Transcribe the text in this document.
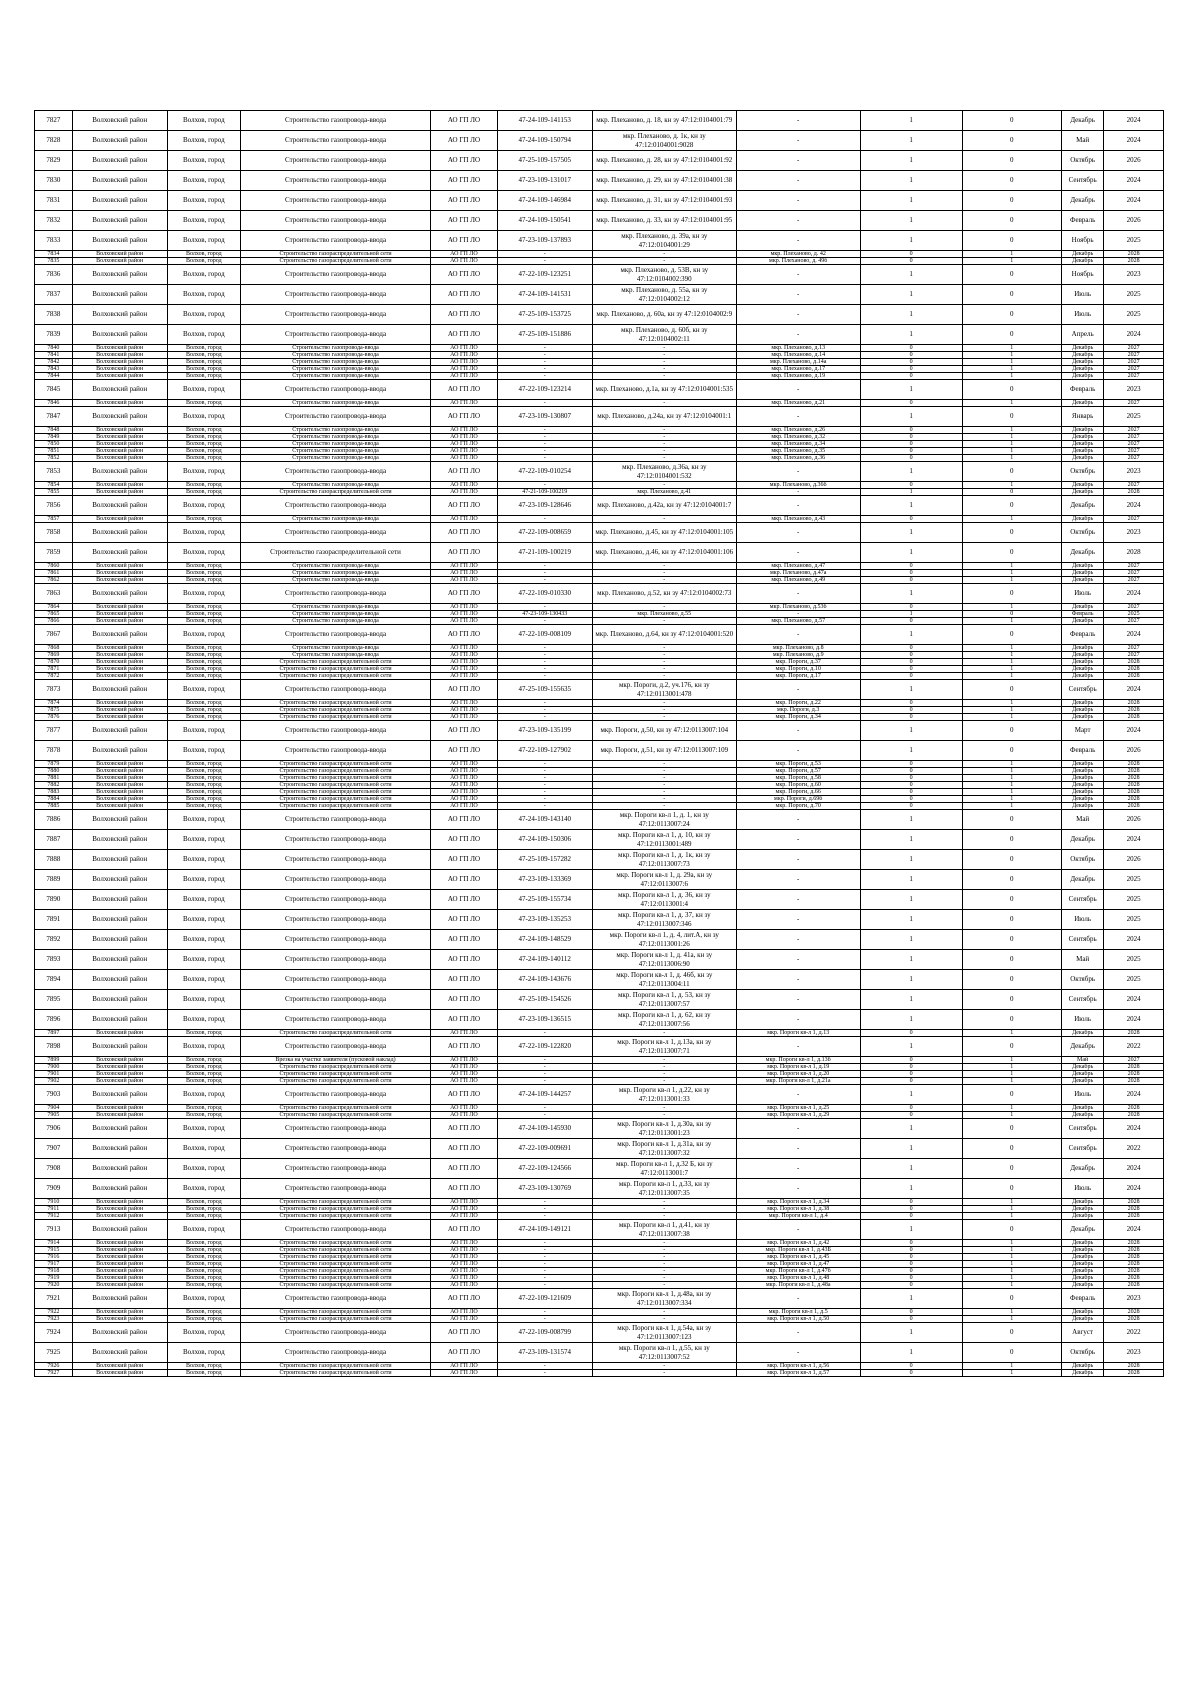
7827	Волховский район	Волхов, город	Строительство газопровода-ввода	АО ГП ЛО	47-24-109-141153	мкр. Плеханово, д. 18, кн зу 47:12:0104001:79	-	1	0	Декабрь	2024
7828	Волховский район	Волхов, город	Строительство газопровода-ввода	АО ГП ЛО	47-24-109-150794	мкр. Плеханово, д. 1к, кн зу 47:12:0104001:9028	-	1	0	Май	2024
7829	Волховский район	Волхов, город	Строительство газопровода-ввода	АО ГП ЛО	47-25-109-157505	мкр. Плеханово, д. 28, кн зу 47:12:0104001:92	-	1	0	Октябрь	2026
7830	Волховский район	Волхов, город	Строительство газопровода-ввода	АО ГП ЛО	47-23-109-131017	мкр. Плеханово, д. 29, кн зу 47:12:0104001:38	-	1	0	Сентябрь	2024
7831	Волховский район	Волхов, город	Строительство газопровода-ввода	АО ГП ЛО	47-24-109-146984	мкр. Плеханово, д. 31, кн зу 47:12:0104001:93	-	1	0	Декабрь	2024
7832	Волховский район	Волхов, город	Строительство газопровода-ввода	АО ГП ЛО	47-24-109-150541	мкр. Плеханово, д. 33, кн зу 47:12:0104001:95	-	1	0	Февраль	2026
7833	Волховский район	Волхов, город	Строительство газопровода-ввода	АО ГП ЛО	47-23-109-137893	мкр. Плеханово, д. 39а, кн зу 47:12:0104001:29	-	1	0	Ноябрь	2025
7834	Волховский район	Волхов, город	Строительство газораспределительной сети	АО ГП ЛО	-	-	мкр. Плеханово, д. 42	0	1	Декабрь	2028
7835	Волховский район	Волхов, город	Строительство газораспределительной сети	АО ГП ЛО	-	-	мкр. Плеханово, д. 49б	0	1	Декабрь	2028
7836	Волховский район	Волхов, город	Строительство газопровода-ввода	АО ГП ЛО	47-22-109-123251	мкр. Плеханово, д. 53В, кн зу 47:12:0104002:390	-	1	0	Ноябрь	2023
7837	Волховский район	Волхов, город	Строительство газопровода-ввода	АО ГП ЛО	47-24-109-141531	мкр. Плеханово, д. 55а, кн зу 47:12:0104002:12	-	1	0	Июль	2025
7838	Волховский район	Волхов, город	Строительство газопровода-ввода	АО ГП ЛО	47-25-109-153725	мкр. Плеханово, д. 60а, кн зу 47:12:0104002:9	-	1	0	Июль	2025
7839	Волховский район	Волхов, город	Строительство газопровода-ввода	АО ГП ЛО	47-25-109-151886	мкр. Плеханово, д. 60б, кн зу 47:12:0104002:11	-	1	0	Апрель	2024
7840	Волховский район	Волхов, город	Строительство газопровода-ввода	АО ГП ЛО	-	-	мкр. Плеханово, д.13	0	1	Декабрь	2027
7841	Волховский район	Волхов, город	Строительство газопровода-ввода	АО ГП ЛО	-	-	мкр. Плеханово, д.14	0	1	Декабрь	2027
7842	Волховский район	Волхов, город	Строительство газопровода-ввода	АО ГП ЛО	-	-	мкр. Плеханово, д.14а	0	1	Декабрь	2027
7843	Волховский район	Волхов, город	Строительство газопровода-ввода	АО ГП ЛО	-	-	мкр. Плеханово, д.17	0	1	Декабрь	2027
7844	Волховский район	Волхов, город	Строительство газопровода-ввода	АО ГП ЛО	-	-	мкр. Плеханово, д.19	0	1	Декабрь	2027
7845	Волховский район	Волхов, город	Строительство газопровода-ввода	АО ГП ЛО	47-22-109-123214	мкр. Плеханово, д.1а, кн зу 47:12:0104001:535	-	1	0	Февраль	2023
7846	Волховский район	Волхов, город	Строительство газопровода-ввода	АО ГП ЛО	-	-	мкр. Плеханово, д.21	0	1	Декабрь	2027
7847	Волховский район	Волхов, город	Строительство газопровода-ввода	АО ГП ЛО	47-23-109-130807	мкр. Плеханово, д.24а, кн зу 47:12:0104001:1	-	1	0	Январь	2025
7848	Волховский район	Волхов, город	Строительство газопровода-ввода	АО ГП ЛО	-	-	мкр. Плеханово, д.26	0	1	Декабрь	2027
7849	Волховский район	Волхов, город	Строительство газопровода-ввода	АО ГП ЛО	-	-	мкр. Плеханово, д.32	0	1	Декабрь	2027
7850	Волховский район	Волхов, город	Строительство газопровода-ввода	АО ГП ЛО	-	-	мкр. Плеханово, д.34	0	1	Декабрь	2027
7851	Волховский район	Волхов, город	Строительство газопровода-ввода	АО ГП ЛО	-	-	мкр. Плеханово, д.35	0	1	Декабрь	2027
7852	Волховский район	Волхов, город	Строительство газопровода-ввода	АО ГП ЛО	-	-	мкр. Плеханово, д.36	0	1	Декабрь	2027
7853	Волховский район	Волхов, город	Строительство газопровода-ввода	АО ГП ЛО	47-22-109-010254	мкр. Плеханово, д.36а, кн зу 47:12:0104001:532	-	1	0	Октябрь	2023
7854	Волховский район	Волхов, город	Строительство газопровода-ввода	АО ГП ЛО	-	-	мкр. Плеханово, д.36б	0	1	Декабрь	2027
7855	Волховский район	Волхов, город	Строительство газораспределительной сети	АО ГП ЛО	47-21-109-100219	мкр. Плеханово, д.41	-	1	0	Декабрь	2028
7856	Волховский район	Волхов, город	Строительство газопровода-ввода	АО ГП ЛО	47-23-109-128646	мкр. Плеханово, д.42а, кн зу 47:12:0104001:7	-	1	0	Декабрь	2024
7857	Волховский район	Волхов, город	Строительство газопровода-ввода	АО ГП ЛО	-	-	мкр. Плеханово, д.43	0	1	Декабрь	2027
7858	Волховский район	Волхов, город	Строительство газопровода-ввода	АО ГП ЛО	47-22-109-008659	мкр. Плеханово, д.45, кн зу 47:12:0104001:105	-	1	0	Октябрь	2023
7859	Волховский район	Волхов, город	Строительство газораспределительной сети	АО ГП ЛО	47-21-109-100219	мкр. Плеханово, д.46, кн зу 47:12:0104001:106	-	1	0	Декабрь	2028
7860	Волховский район	Волхов, город	Строительство газопровода-ввода	АО ГП ЛО	-	-	мкр. Плеханово, д.47	0	1	Декабрь	2027
7861	Волховский район	Волхов, город	Строительство газопровода-ввода	АО ГП ЛО	-	-	мкр. Плеханово, д.47а	0	1	Декабрь	2027
7862	Волховский район	Волхов, город	Строительство газопровода-ввода	АО ГП ЛО	-	-	мкр. Плеханово, д.49	0	1	Декабрь	2027
7863	Волховский район	Волхов, город	Строительство газопровода-ввода	АО ГП ЛО	47-22-109-010330	мкр. Плеханово, д.52, кн зу 47:12:0104002:73	-	1	0	Июль	2024
7864	Волховский район	Волхов, город	Строительство газопровода-ввода	АО ГП ЛО	-	-	мкр. Плеханово, д.53б	0	1	Декабрь	2027
7865	Волховский район	Волхов, город	Строительство газопровода-ввода	АО ГП ЛО	47-23-109-130433	мкр. Плеханово, д.55	-	1	0	Февраль	2025
7866	Волховский район	Волхов, город	Строительство газопровода-ввода	АО ГП ЛО	-	-	мкр. Плеханово, д.57	0	1	Декабрь	2027
7867	Волховский район	Волхов, город	Строительство газопровода-ввода	АО ГП ЛО	47-22-109-008109	мкр. Плеханово, д.64, кн зу 47:12:0104001:520	-	1	0	Февраль	2024
7868	Волховский район	Волхов, город	Строительство газопровода-ввода	АО ГП ЛО	-	-	мкр. Плеханово, д.8	0	1	Декабрь	2027
7869	Волховский район	Волхов, город	Строительство газопровода-ввода	АО ГП ЛО	-	-	мкр. Плеханово, д.9	0	1	Декабрь	2027
7870	Волховский район	Волхов, город	Строительство газораспределительной сети	АО ГП ЛО	-	-	мкр. Пороги, д.37	0	1	Декабрь	2028
7871	Волховский район	Волхов, город	Строительство газораспределительной сети	АО ГП ЛО	-	-	мкр. Пороги, д.10	0	1	Декабрь	2028
7872	Волховский район	Волхов, город	Строительство газораспределительной сети	АО ГП ЛО	-	-	мкр. Пороги, д.17	0	1	Декабрь	2028
7873	Волховский район	Волхов, город	Строительство газопровода-ввода	АО ГП ЛО	47-25-109-155635	мкр. Пороги, д.2, уч.176, кн зу 47:12:0113001:478	-	1	0	Сентябрь	2024
7874	Волховский район	Волхов, город	Строительство газораспределительной сети	АО ГП ЛО	-	-	мкр. Пороги, д.22	0	1	Декабрь	2028
7875	Волховский район	Волхов, город	Строительство газораспределительной сети	АО ГП ЛО	-	-	мкр. Пороги, д.3	0	1	Декабрь	2028
7876	Волховский район	Волхов, город	Строительство газораспределительной сети	АО ГП ЛО	-	-	мкр. Пороги, д.34	0	1	Декабрь	2028
7877	Волховский район	Волхов, город	Строительство газопровода-ввода	АО ГП ЛО	47-23-109-135199	мкр. Пороги, д.50, кн зу 47:12:0113007:104	-	1	0	Март	2024
7878	Волховский район	Волхов, город	Строительство газопровода-ввода	АО ГП ЛО	47-22-109-127902	мкр. Пороги, д.51, кн зу 47:12:0113007:109	-	1	0	Февраль	2026
7879	Волховский район	Волхов, город	Строительство газораспределительной сети	АО ГП ЛО	-	-	мкр. Пороги, д.53	0	1	Декабрь	2028
7880	Волховский район	Волхов, город	Строительство газораспределительной сети	АО ГП ЛО	-	-	мкр. Пороги, д.57	0	1	Декабрь	2028
7881	Волховский район	Волхов, город	Строительство газораспределительной сети	АО ГП ЛО	-	-	мкр. Пороги, д.58	0	1	Декабрь	2028
7882	Волховский район	Волхов, город	Строительство газораспределительной сети	АО ГП ЛО	-	-	мкр. Пороги, д.60	0	1	Декабрь	2028
7883	Волховский район	Волхов, город	Строительство газораспределительной сети	АО ГП ЛО	-	-	мкр. Пороги, д.66	0	1	Декабрь	2028
7884	Волховский район	Волхов, город	Строительство газораспределительной сети	АО ГП ЛО	-	-	мкр. Пороги, д.69б	0	1	Декабрь	2028
7885	Волховский район	Волхов, город	Строительство газораспределительной сети	АО ГП ЛО	-	-	мкр. Пороги, д.70	0	1	Декабрь	2028
7886	Волховский район	Волхов, город	Строительство газопровода-ввода	АО ГП ЛО	47-24-109-143140	мкр. Пороги кв-л 1, д. 1, кн зу 47:12:0113007:24	-	1	0	Май	2026
7887	Волховский район	Волхов, город	Строительство газопровода-ввода	АО ГП ЛО	47-24-109-150306	мкр. Пороги кв-л 1, д. 10, кн зу 47:12:0113001:489	-	1	0	Декабрь	2024
7888	Волховский район	Волхов, город	Строительство газопровода-ввода	АО ГП ЛО	47-25-109-157282	мкр. Пороги кв-л 1, д. 1к, кн зу 47:12:0113007:73	-	1	0	Октябрь	2026
7889	Волховский район	Волхов, город	Строительство газопровода-ввода	АО ГП ЛО	47-23-109-133369	мкр. Пороги кв-л 1, д. 29а, кн зу 47:12:0113007:6	-	1	0	Декабрь	2025
7890	Волховский район	Волхов, город	Строительство газопровода-ввода	АО ГП ЛО	47-25-109-155734	мкр. Пороги кв-л 1, д. 36, кн зу 47:12:0113001:4	-	1	0	Сентябрь	2025
7891	Волховский район	Волхов, город	Строительство газопровода-ввода	АО ГП ЛО	47-23-109-135253	мкр. Пороги кв-л 1, д. 37, кн зу 47:12:0113007:346	-	1	0	Июль	2025
7892	Волховский район	Волхов, город	Строительство газопровода-ввода	АО ГП ЛО	47-24-109-148529	мкр. Пороги кв-л 1, д. 4, лит.А, кн зу 47:12:0113001:26	-	1	0	Сентябрь	2024
7893	Волховский район	Волхов, город	Строительство газопровода-ввода	АО ГП ЛО	47-24-109-140112	мкр. Пороги кв-л 1, д. 41а, кн зу 47:12:0113006:90	-	1	0	Май	2025
7894	Волховский район	Волхов, город	Строительство газопровода-ввода	АО ГП ЛО	47-24-109-143676	мкр. Пороги кв-л 1, д. 46б, кн зу 47:12:0113004:11	-	1	0	Октябрь	2025
7895	Волховский район	Волхов, город	Строительство газопровода-ввода	АО ГП ЛО	47-25-109-154526	мкр. Пороги кв-л 1, д. 53, кн зу 47:12:0113007:57	-	1	0	Сентябрь	2024
7896	Волховский район	Волхов, город	Строительство газопровода-ввода	АО ГП ЛО	47-23-109-136515	мкр. Пороги кв-л 1, д. 62, кн зу 47:12:0113007:56	-	1	0	Июль	2024
7897	Волховский район	Волхов, город	Строительство газораспределительной сети	АО ГП ЛО	-	-	мкр. Пороги кв-л 1, д.13	0	1	Декабрь	2028
7898	Волховский район	Волхов, город	Строительство газопровода-ввода	АО ГП ЛО	47-22-109-122820	мкр. Пороги кв-л 1, д.13а, кн зу 47:12:0113007:71	-	1	0	Декабрь	2022
7899	Волховский район	Волхов, город	Врезка на участке заявителя (пусковой наклад)	АО ГП ЛО	-	-	мкр. Пороги кв-л 1, д.13б	0	1	Май	2027
7900	Волховский район	Волхов, город	Строительство газораспределительной сети	АО ГП ЛО	-	-	мкр. Пороги кв-л 1, д.19	0	1	Декабрь	2028
7901	Волховский район	Волхов, город	Строительство газораспределительной сети	АО ГП ЛО	-	-	мкр. Пороги кв-л 1, д.20	0	1	Декабрь	2028
7902	Волховский район	Волхов, город	Строительство газораспределительной сети	АО ГП ЛО	-	-	мкр. Пороги кв-л 1, д.21а	0	1	Декабрь	2028
7903	Волховский район	Волхов, город	Строительство газопровода-ввода	АО ГП ЛО	47-24-109-144257	мкр. Пороги кв-л 1, д.22, кн зу 47:12:0113001:33	-	1	0	Июль	2024
7904	Волховский район	Волхов, город	Строительство газораспределительной сети	АО ГП ЛО	-	-	мкр. Пороги кв-л 1, д.25	0	1	Декабрь	2028
7905	Волховский район	Волхов, город	Строительство газораспределительной сети	АО ГП ЛО	-	-	мкр. Пороги кв-л 1, д.29	0	1	Декабрь	2028
7906	Волховский район	Волхов, город	Строительство газопровода-ввода	АО ГП ЛО	47-24-109-145930	мкр. Пороги кв-л 1, д.30а, кн зу 47:12:0113001:23	-	1	0	Сентябрь	2024
7907	Волховский район	Волхов, город	Строительство газопровода-ввода	АО ГП ЛО	47-22-109-009691	мкр. Пороги кв-л 1, д.31а, кн зу 47:12:0113007:32	-	1	0	Сентябрь	2022
7908	Волховский район	Волхов, город	Строительство газопровода-ввода	АО ГП ЛО	47-22-109-124566	мкр. Пороги кв-л 1, д.32 Б, кн зу 47:12:0113001:7	-	1	0	Декабрь	2024
7909	Волховский район	Волхов, город	Строительство газопровода-ввода	АО ГП ЛО	47-23-109-130769	мкр. Пороги кв-л 1, д.33, кн зу 47:12:0113007:35	-	1	0	Июль	2024
7910	Волховский район	Волхов, город	Строительство газораспределительной сети	АО ГП ЛО	-	-	мкр. Пороги кв-л 1, д.34	0	1	Декабрь	2028
7911	Волховский район	Волхов, город	Строительство газораспределительной сети	АО ГП ЛО	-	-	мкр. Пороги кв-л 1, д.38	0	1	Декабрь	2028
7912	Волховский район	Волхов, город	Строительство газораспределительной сети	АО ГП ЛО	-	-	мкр. Пороги кв-л 1, д.4	0	1	Декабрь	2028
7913	Волховский район	Волхов, город	Строительство газопровода-ввода	АО ГП ЛО	47-24-109-149121	мкр. Пороги кв-л 1, д.41, кн зу 47:12:0113007:38	-	1	0	Декабрь	2024
7914	Волховский район	Волхов, город	Строительство газораспределительной сети	АО ГП ЛО	-	-	мкр. Пороги кв-л 1, д.42	0	1	Декабрь	2028
7915	Волховский район	Волхов, город	Строительство газораспределительной сети	АО ГП ЛО	-	-	мкр. Пороги кв-л 1, д.43Б	0	1	Декабрь	2028
7916	Волховский район	Волхов, город	Строительство газораспределительной сети	АО ГП ЛО	-	-	мкр. Пороги кв-л 1, д.45	0	1	Декабрь	2028
7917	Волховский район	Волхов, город	Строительство газораспределительной сети	АО ГП ЛО	-	-	мкр. Пороги кв-л 1, д.47	0	1	Декабрь	2028
7918	Волховский район	Волхов, город	Строительство газораспределительной сети	АО ГП ЛО	-	-	мкр. Пороги кв-л 1, д.47б	0	1	Декабрь	2028
7919	Волховский район	Волхов, город	Строительство газораспределительной сети	АО ГП ЛО	-	-	мкр. Пороги кв-л 1, д.48	0	1	Декабрь	2028
7920	Волховский район	Волхов, город	Строительство газораспределительной сети	АО ГП ЛО	-	-	мкр. Пороги кв-л 1, д.48а	0	1	Декабрь	2028
7921	Волховский район	Волхов, город	Строительство газопровода-ввода	АО ГП ЛО	47-22-109-121609	мкр. Пороги кв-л 1, д.48а, кн зу 47:12:0113007:334	-	1	0	Февраль	2023
7922	Волховский район	Волхов, город	Строительство газораспределительной сети	АО ГП ЛО	-	-	мкр. Пороги кв-л 1, д.5	0	1	Декабрь	2028
7923	Волховский район	Волхов, город	Строительство газораспределительной сети	АО ГП ЛО	-	-	мкр. Пороги кв-л 1, д.50	0	1	Декабрь	2028
7924	Волховский район	Волхов, город	Строительство газопровода-ввода	АО ГП ЛО	47-22-109-008799	мкр. Пороги кв-л 1, д.54а, кн зу 47:12:0113007:123	-	1	0	Август	2022
7925	Волховский район	Волхов, город	Строительство газопровода-ввода	АО ГП ЛО	47-23-109-131574	мкр. Пороги кв-л 1, д.55, кн зу 47:12:0113007:52	-	1	0	Октябрь	2023
7926	Волховский район	Волхов, город	Строительство газораспределительной сети	АО ГП ЛО	-	-	мкр. Пороги кв-л 1, д.56	0	1	Декабрь	2028
7927	Волховский район	Волхов, город	Строительство газораспределительной сети	АО ГП ЛО	-	-	мкр. Пороги кв-л 1, д.57	0	1	Декабрь	2028
